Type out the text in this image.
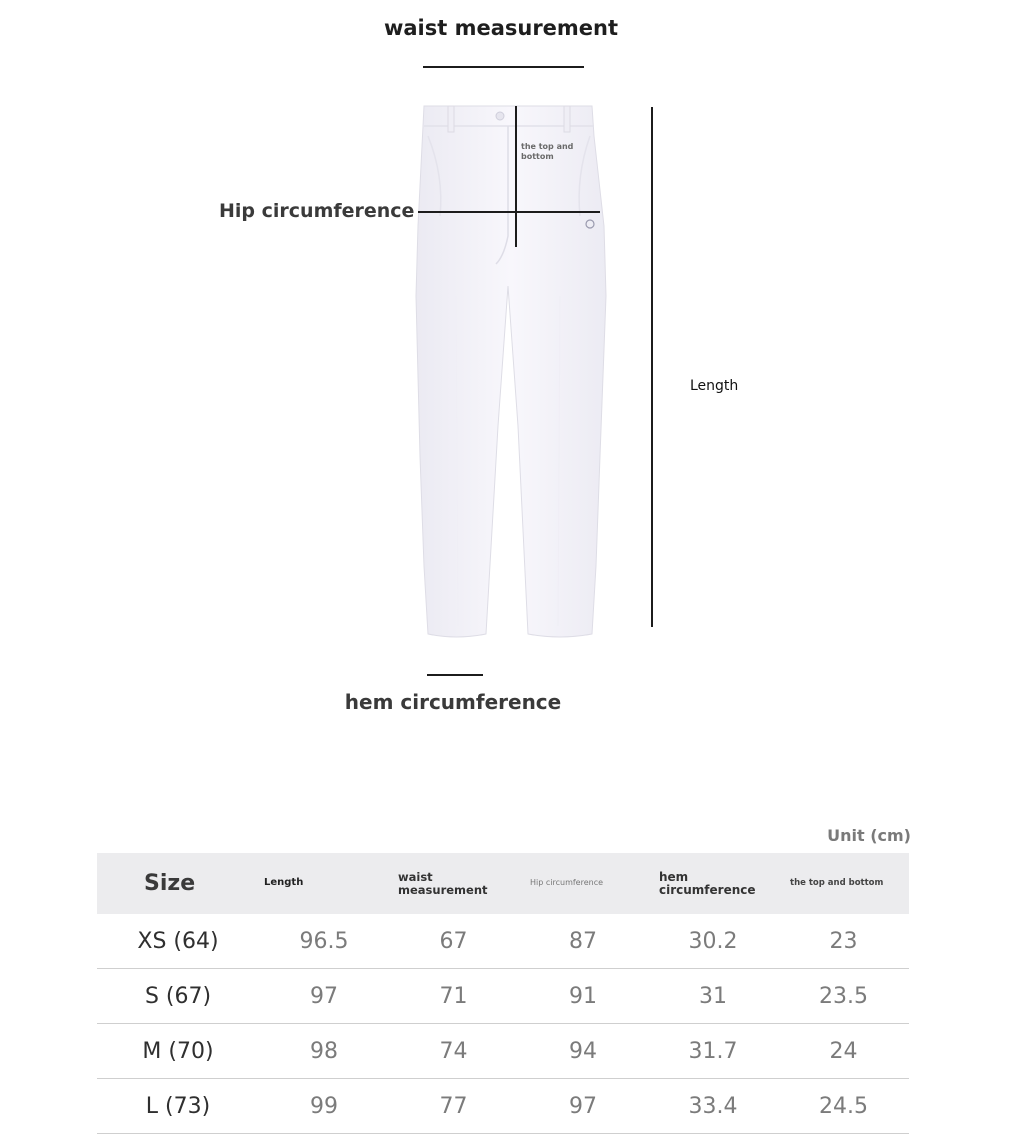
waist measurement
the top and bottom
Hip circumference
Length
hem circumference
Unit (cm)
Size	Length	waist measurement	Hip circumference	hem circumference	the top and bottom
XS (64)	96.5	67	87	30.2	23
S (67)	97	71	91	31	23.5
M (70)	98	74	94	31.7	24
L (73)	99	77	97	33.4	24.5
